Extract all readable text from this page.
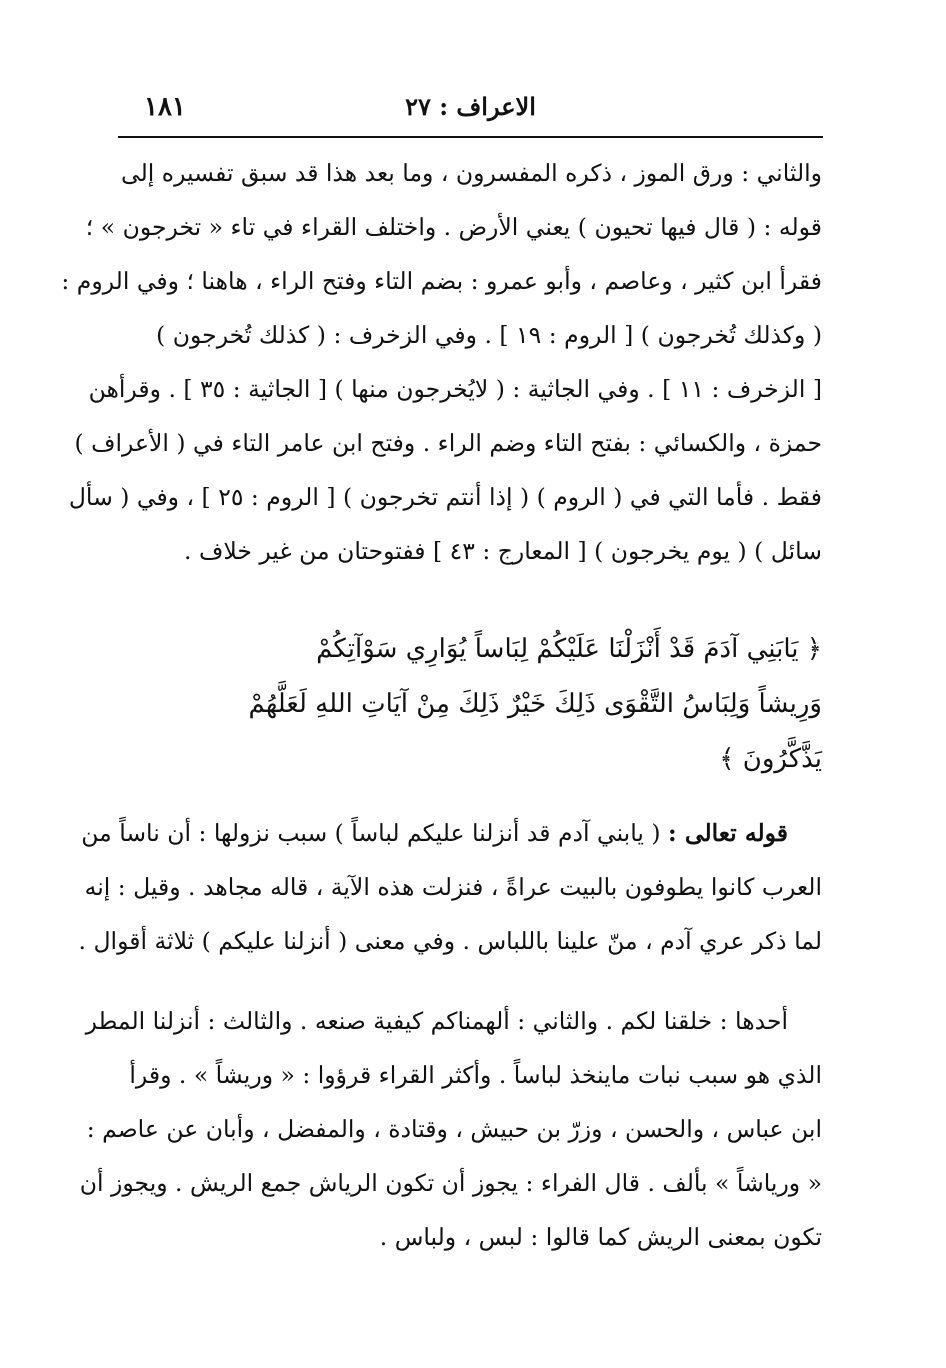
١٨١	الاعراف : ٢٧
والثاني : ورق الموز ، ذكره المفسرون ، وما بعد هذا قد سبق تفسيره إلى
قوله : ( قال فيها تحيون ) يعني الأرض . واختلف القراء في تاء « تخرجون » ؛
فقرأ ابن كثير ، وعاصم ، وأبو عمرو : بضم التاء وفتح الراء ، هاهنا ؛ وفي الروم :
( وكذلك تُخرجون ) [ الروم : ١٩ ] . وفي الزخرف : ( كذلك تُخرجون )
[ الزخرف : ١١ ] . وفي الجاثية : ( لايُخرجون منها ) [ الجاثية : ٣٥ ] . وقرأهن
حمزة ، والكسائي : بفتح التاء وضم الراء . وفتح ابن عامر التاء في ( الأعراف )
فقط . فأما التي في ( الروم ) ( إذا أنتم تخرجون ) [ الروم : ٢٥ ] ، وفي ( سأل
سائل ) ( يوم يخرجون ) [ المعارج : ٤٣ ] ففتوحتان من غير خلاف .
﴿ يَابَنِي آدَمَ قَدْ أَنْزَلْنَا عَلَيْكُمْ لِبَاساً يُوَارِي سَوْآتِكُمْ
وَرِيشاً وَلِبَاسُ التَّقْوَى ذَلِكَ خَيْرٌ ذَلِكَ مِنْ آيَاتِ اللهِ لَعَلَّهُمْ
يَذَّكَّرُونَ ﴾
قوله تعالى : ( يابني آدم قد أنزلنا عليكم لباساً ) سبب نزولها : أن ناساً من
العرب كانوا يطوفون بالبيت عراةً ، فنزلت هذه الآية ، قاله مجاهد . وقيل : إنه
لما ذكر عري آدم ، منّ علينا باللباس . وفي معنى ( أنزلنا عليكم ) ثلاثة أقوال .
أحدها : خلقنا لكم . والثاني : ألهمناكم كيفية صنعه . والثالث : أنزلنا المطر
الذي هو سبب نبات ماينخذ لباساً . وأكثر القراء قرؤوا : « وريشاً » . وقرأ
ابن عباس ، والحسن ، وزرّ بن حبيش ، وقتادة ، والمفضل ، وأبان عن عاصم :
« ورياشاً » بألف . قال الفراء : يجوز أن تكون الرياش جمع الريش . ويجوز أن
تكون بمعنى الريش كما قالوا : لبس ، ولباس .
